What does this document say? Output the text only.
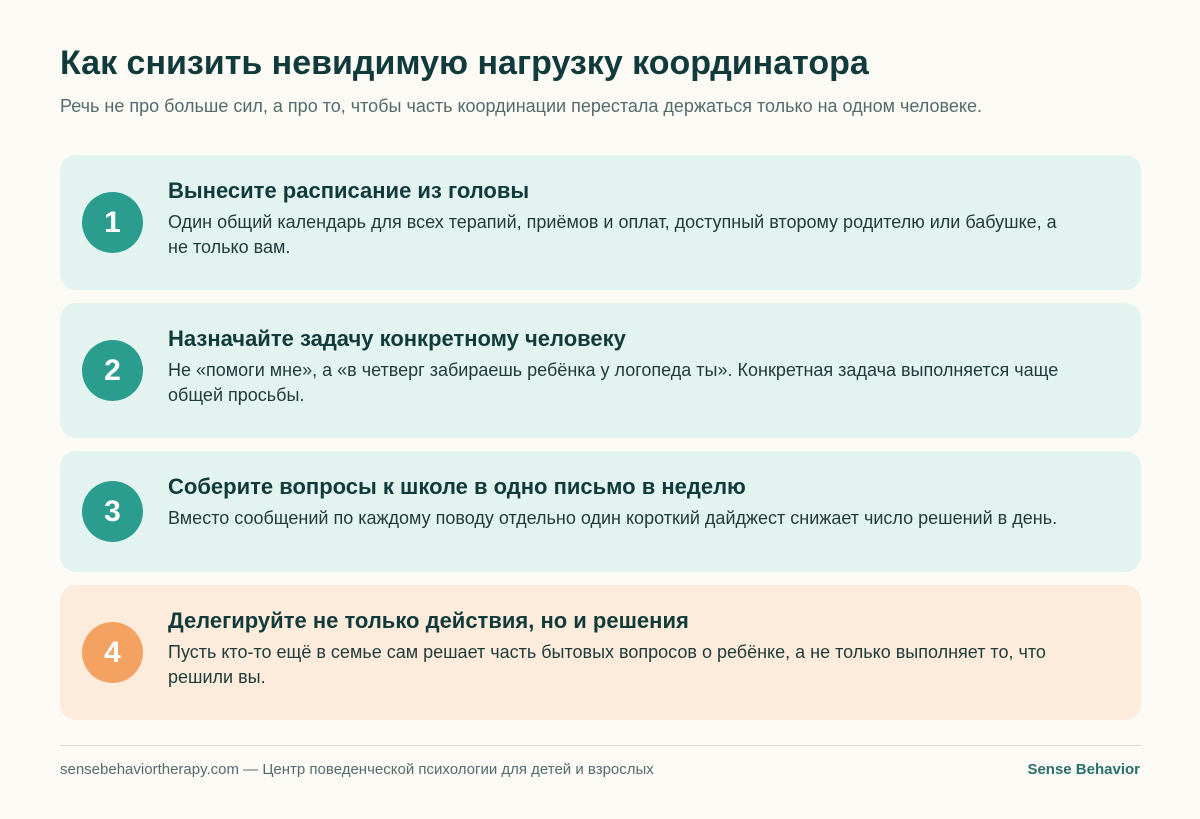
Как снизить невидимую нагрузку координатора

Речь не про больше сил, а про то, чтобы часть координации перестала держаться только на одном человеке.

1
Вынесите расписание из головы

Один общий календарь для всех терапий, приёмов и оплат, доступный второму родителю или бабушке, а не только вам.

2
Назначайте задачу конкретному человеку

Не «помоги мне», а «в четверг забираешь ребёнка у логопеда ты». Конкретная задача выполняется чаще общей просьбы.

3
Соберите вопросы к школе в одно письмо в неделю

Вместо сообщений по каждому поводу отдельно один короткий дайджест снижает число решений в день.

4
Делегируйте не только действия, но и решения

Пусть кто-то ещё в семье сам решает часть бытовых вопросов о ребёнке, а не только выполняет то, что решили вы.

sensebehaviortherapy.com — Центр поведенческой психологии для детей и взрослых	Sense Behavior
